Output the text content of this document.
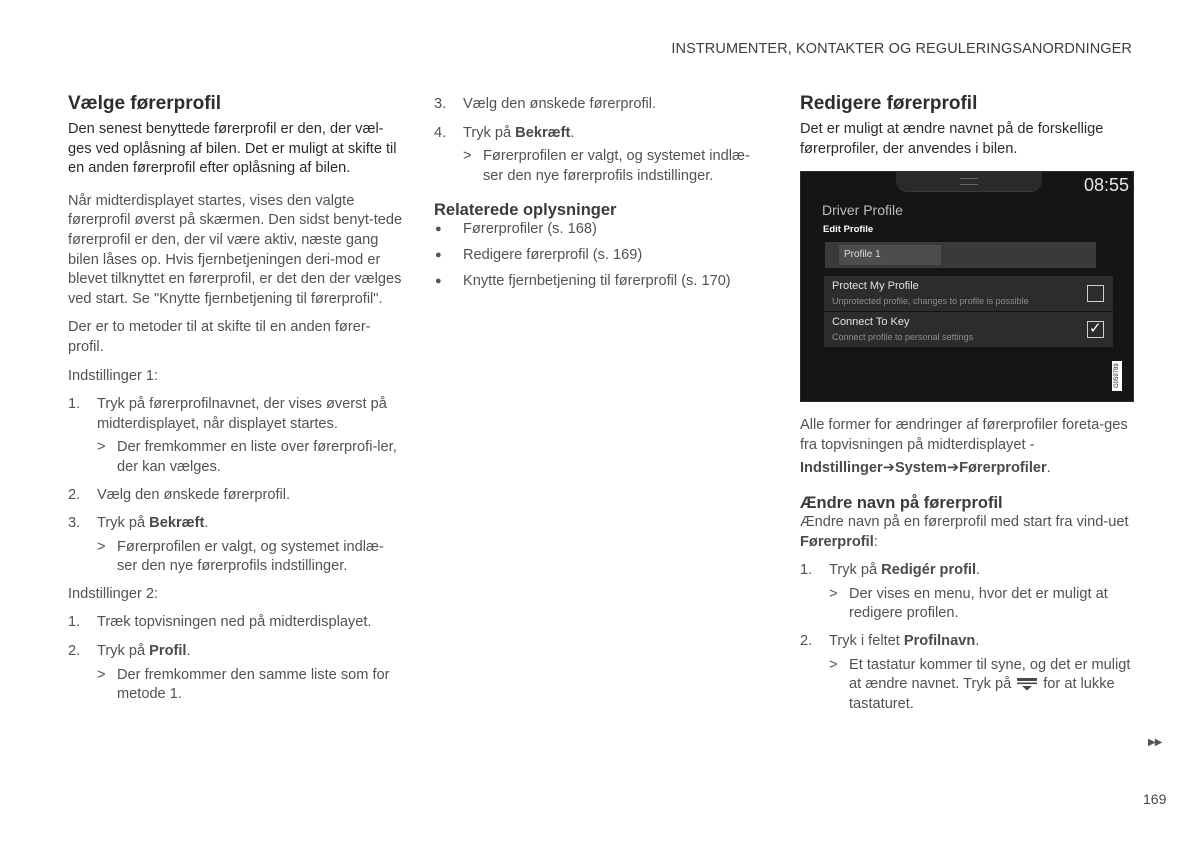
INSTRUMENTER, KONTAKTER OG REGULERINGSANORDNINGER
Vælge førerprofil

Den senest benyttede førerprofil er den, der væl-ges ved oplåsning af bilen. Det er muligt at skifte til en anden førerprofil efter oplåsning af bilen.

Når midterdisplayet startes, vises den valgte førerprofil øverst på skærmen. Den sidst benyt-tede førerprofil er den, der vil være aktiv, næste gang bilen låses op. Hvis fjernbetjeningen deri-mod er blevet tilknyttet en førerprofil, er det den der vælges ved start. Se "Knytte fjernbetjening til førerprofil".

Der er to metoder til at skifte til en anden fører-profil.

Indstillinger 1:

1.	Tryk på førerprofilnavnet, der vises øverst på midterdisplayet, når displayet startes.
> Der fremkommer en liste over førerprofi-ler, der kan vælges.
2.	Vælg den ønskede førerprofil.
3.	Tryk på Bekræft.
> Førerprofilen er valgt, og systemet indlæ-ser den nye førerprofils indstillinger.

Indstillinger 2:

1.	Træk topvisningen ned på midterdisplayet.
2.	Tryk på Profil.
> Der fremkommer den samme liste som for metode 1.
3.	Vælg den ønskede førerprofil.
4.	Tryk på Bekræft.
> Førerprofilen er valgt, og systemet indlæ-ser den nye førerprofils indstillinger.
Relaterede oplysninger
●	Førerprofiler (s. 168)
●	Redigere førerprofil (s. 169)
●	Knytte fjernbetjening til førerprofil (s. 170)
Redigere førerprofil

Det er muligt at ændre navnet på de forskellige førerprofiler, der anvendes i bilen.

08:55
Driver Profile
Edit Profile
Profile 1
Protect My Profile
Unprotected profile, changes to profile is possible
Connect To Key
Connect profile to personal settings	✓
G059789

Alle former for ændringer af førerprofiler foreta-ges fra topvisningen på midterdisplayet -

Indstillinger➔System➔Førerprofiler.

Ændre navn på førerprofil

Ændre navn på en førerprofil med start fra vind-uet Førerprofil:

1.	Tryk på Redigér profil.
> Der vises en menu, hvor det er muligt at redigere profilen.
2.	Tryk i feltet Profilnavn.
> Et tastatur kommer til syne, og det er muligt at ændre navnet. Tryk på for at lukke tastaturet.
▶▶
169
